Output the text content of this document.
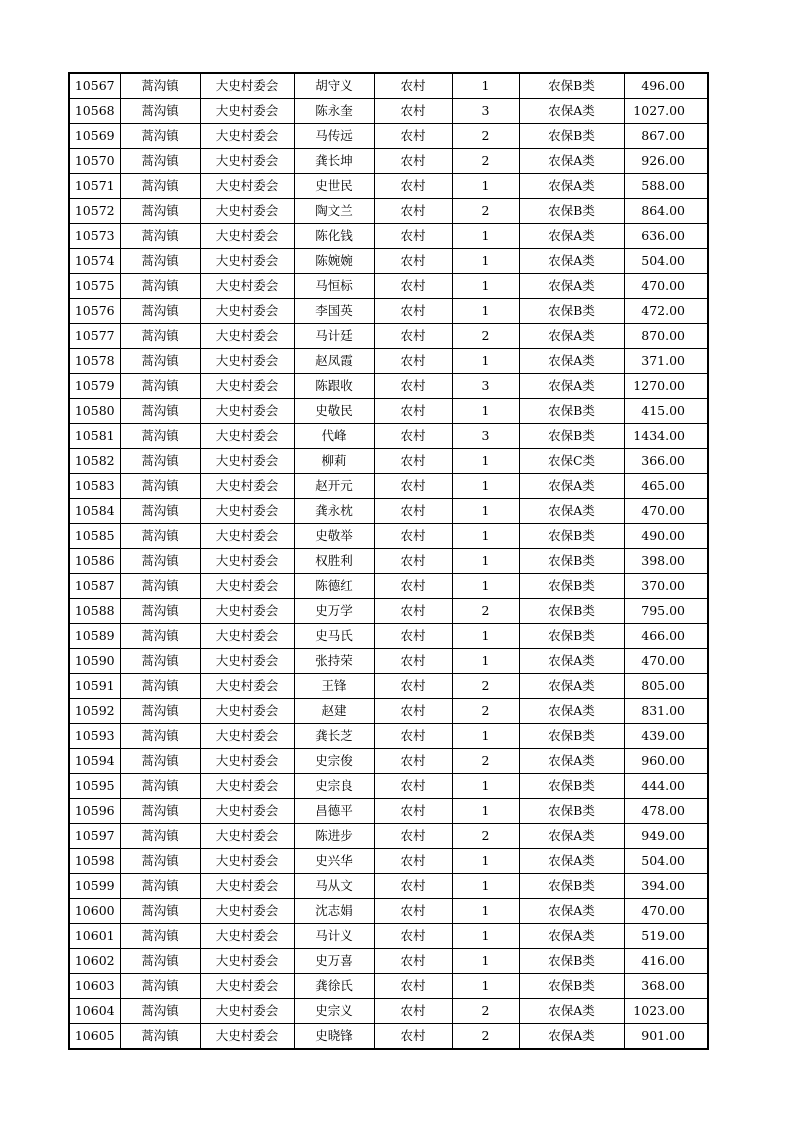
10567	蒿沟镇	大史村委会	胡守义	农村	1	农保B类	496.00
10568	蒿沟镇	大史村委会	陈永奎	农村	3	农保A类	1027.00
10569	蒿沟镇	大史村委会	马传远	农村	2	农保B类	867.00
10570	蒿沟镇	大史村委会	龚长坤	农村	2	农保A类	926.00
10571	蒿沟镇	大史村委会	史世民	农村	1	农保A类	588.00
10572	蒿沟镇	大史村委会	陶文兰	农村	2	农保B类	864.00
10573	蒿沟镇	大史村委会	陈化钱	农村	1	农保A类	636.00
10574	蒿沟镇	大史村委会	陈婉婉	农村	1	农保A类	504.00
10575	蒿沟镇	大史村委会	马恒标	农村	1	农保A类	470.00
10576	蒿沟镇	大史村委会	李国英	农村	1	农保B类	472.00
10577	蒿沟镇	大史村委会	马计廷	农村	2	农保A类	870.00
10578	蒿沟镇	大史村委会	赵凤霞	农村	1	农保A类	371.00
10579	蒿沟镇	大史村委会	陈跟收	农村	3	农保A类	1270.00
10580	蒿沟镇	大史村委会	史敬民	农村	1	农保B类	415.00
10581	蒿沟镇	大史村委会	代峰	农村	3	农保B类	1434.00
10582	蒿沟镇	大史村委会	柳莉	农村	1	农保C类	366.00
10583	蒿沟镇	大史村委会	赵开元	农村	1	农保A类	465.00
10584	蒿沟镇	大史村委会	龚永枕	农村	1	农保A类	470.00
10585	蒿沟镇	大史村委会	史敬举	农村	1	农保B类	490.00
10586	蒿沟镇	大史村委会	权胜利	农村	1	农保B类	398.00
10587	蒿沟镇	大史村委会	陈德红	农村	1	农保B类	370.00
10588	蒿沟镇	大史村委会	史万学	农村	2	农保B类	795.00
10589	蒿沟镇	大史村委会	史马氏	农村	1	农保B类	466.00
10590	蒿沟镇	大史村委会	张持荣	农村	1	农保A类	470.00
10591	蒿沟镇	大史村委会	王锋	农村	2	农保A类	805.00
10592	蒿沟镇	大史村委会	赵建	农村	2	农保A类	831.00
10593	蒿沟镇	大史村委会	龚长芝	农村	1	农保B类	439.00
10594	蒿沟镇	大史村委会	史宗俊	农村	2	农保A类	960.00
10595	蒿沟镇	大史村委会	史宗良	农村	1	农保B类	444.00
10596	蒿沟镇	大史村委会	昌德平	农村	1	农保B类	478.00
10597	蒿沟镇	大史村委会	陈进步	农村	2	农保A类	949.00
10598	蒿沟镇	大史村委会	史兴华	农村	1	农保A类	504.00
10599	蒿沟镇	大史村委会	马从文	农村	1	农保B类	394.00
10600	蒿沟镇	大史村委会	沈志娟	农村	1	农保A类	470.00
10601	蒿沟镇	大史村委会	马计义	农村	1	农保A类	519.00
10602	蒿沟镇	大史村委会	史万喜	农村	1	农保B类	416.00
10603	蒿沟镇	大史村委会	龚徐氏	农村	1	农保B类	368.00
10604	蒿沟镇	大史村委会	史宗义	农村	2	农保A类	1023.00
10605	蒿沟镇	大史村委会	史晓锋	农村	2	农保A类	901.00
